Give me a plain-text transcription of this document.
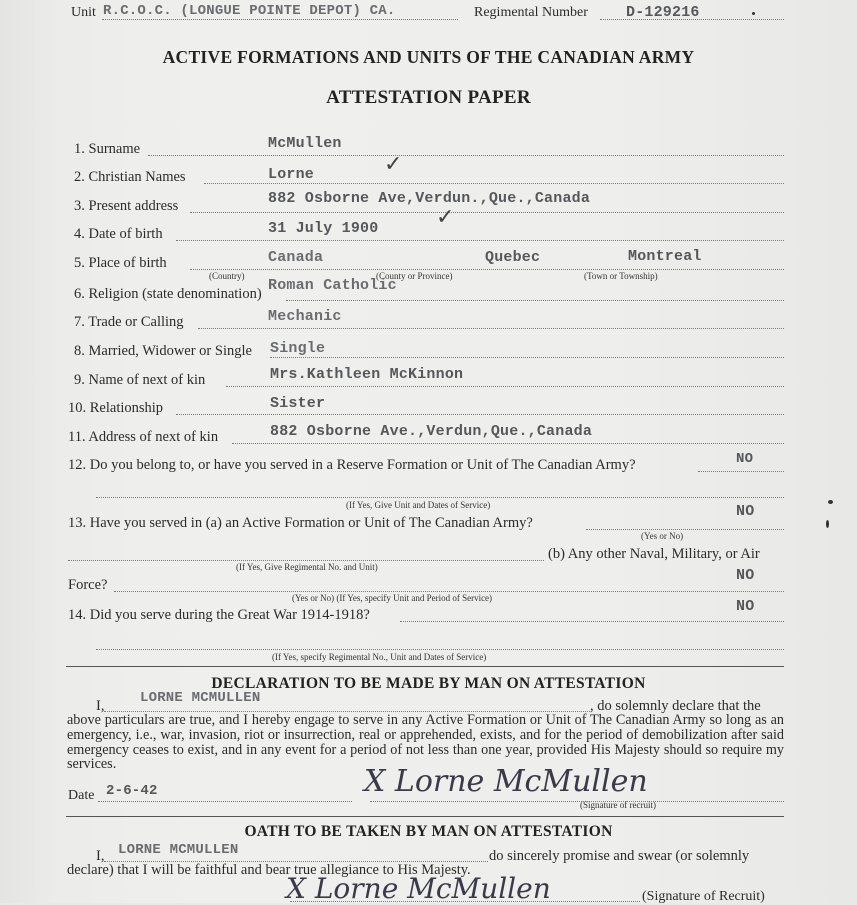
Unit R.C.O.C. (LONGUE POINTE DEPOT) CA.	Regimental Number	D-129216
ACTIVE FORMATIONS AND UNITS OF THE CANADIAN ARMY
ATTESTATION PAPER
1. Surname	McMullen
2. Christian Names	Lorne	✓
3. Present address	882 Osborne Ave,Verdun.,Que.,Canada
4. Date of birth	31 July 1900	✓
5. Place of birth	Canada	Quebec	Montreal
(Country)	(County or Province)	(Town or Township)
6. Religion (state denomination) Roman Catholic
7. Trade or Calling	Mechanic
8. Married, Widower or Single Single
9. Name of next of kin	Mrs.Kathleen McKinnon
10. Relationship	Sister
11. Address of next of kin	882 Osborne Ave.,Verdun,Que.,Canada
12. Do you belong to, or have you served in a Reserve Formation or Unit of The Canadian Army?	NO
(If Yes, Give Unit and Dates of Service)
13. Have you served in (a) an Active Formation or Unit of The Canadian Army?
NO
(Yes or No)
(b) Any other Naval, Military, or Air
(If Yes, Give Regimental No. and Unit)
Force?
NO
(Yes or No) (If Yes, specify Unit and Period of Service)
14. Did you serve during the Great War 1914-1918?	NO
(If Yes, specify Regimental No., Unit and Dates of Service)
DECLARATION TO BE MADE BY MAN ON ATTESTATION
I,	LORNE MCMULLEN	, do solemnly declare that the
above particulars are true, and I hereby engage to serve in any Active Formation or Unit of The Canadian Army so long as an emergency, i.e., war, invasion, riot or insurrection, real or apprehended, exists, and for the period of demobilization after said emergency ceases to exist, and in any event for a period of not less than one year, provided His Majesty should so require my services.
Date 2-6-42	X Lorne McMullen
(Signature of recruit)
OATH TO BE TAKEN BY MAN ON ATTESTATION
I, LORNE MCMULLEN	do sincerely promise and swear (or solemnly
declare) that I will be faithful and bear true allegiance to His Majesty.
X Lorne McMullen	(Signature of Recruit)
